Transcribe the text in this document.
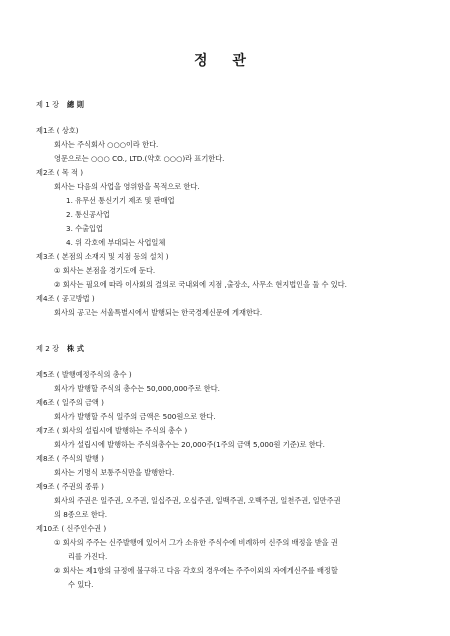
정 관
제 1 장 總 則
제1조 ( 상호)
회사는 주식회사 ○○○이라 한다.
영문으로는 ○○○ CO., LTD.(약호 ○○○)라 표기한다.
제2조 ( 목 적 )
회사는 다음의 사업을 영위함을 목적으로 한다.
1. 유무선 통신기기 제조 및 판매업
2. 통신공사업
3. 수출입업
4. 위 각호에 부대되는 사업일체
제3조 ( 본점의 소재지 및 지점 등의 설치 )
① 회사는 본점을 경기도에 둔다.
② 회사는 필요에 따라 이사회의 결의로 국내외에 지점 ,출장소, 사무소 현지법인을 둘 수 있다.
제4조 ( 공고방법 )
회사의 공고는 서울특별시에서 발행되는 한국경제신문에 게재한다.
제 2 장 株 式
제5조 ( 발행예정주식의 총수 )
회사가 발행할 주식의 총수는 50,000,000주로 한다.
제6조 ( 일주의 금액 )
회사가 발행할 주식 일주의 금액은 500원으로 한다.
제7조 ( 회사의 설립시에 발행하는 주식의 총수 )
회사가 설립시에 발행하는 주식의총수는 20,000주(1주의 금액 5,000원 기준)로 한다.
제8조 ( 주식의 발행 )
회사는 기명식 보통주식만을 발행한다.
제9조 ( 주권의 종류 )
회사의 주권은 일주권, 오주권, 일십주권, 오십주권, 일백주권, 오백주권, 일천주권, 일만주권
의 8종으로 한다.
제10조 ( 신주인수권 )
① 회사의 주주는 신주발행에 있어서 그가 소유한 주식수에 비례하여 신주의 배정을 받을 권
리를 가진다.
② 회사는 제1항의 규정에 불구하고 다음 각호의 경우에는 주주이외의 자에게신주를 배정할
수 있다.
